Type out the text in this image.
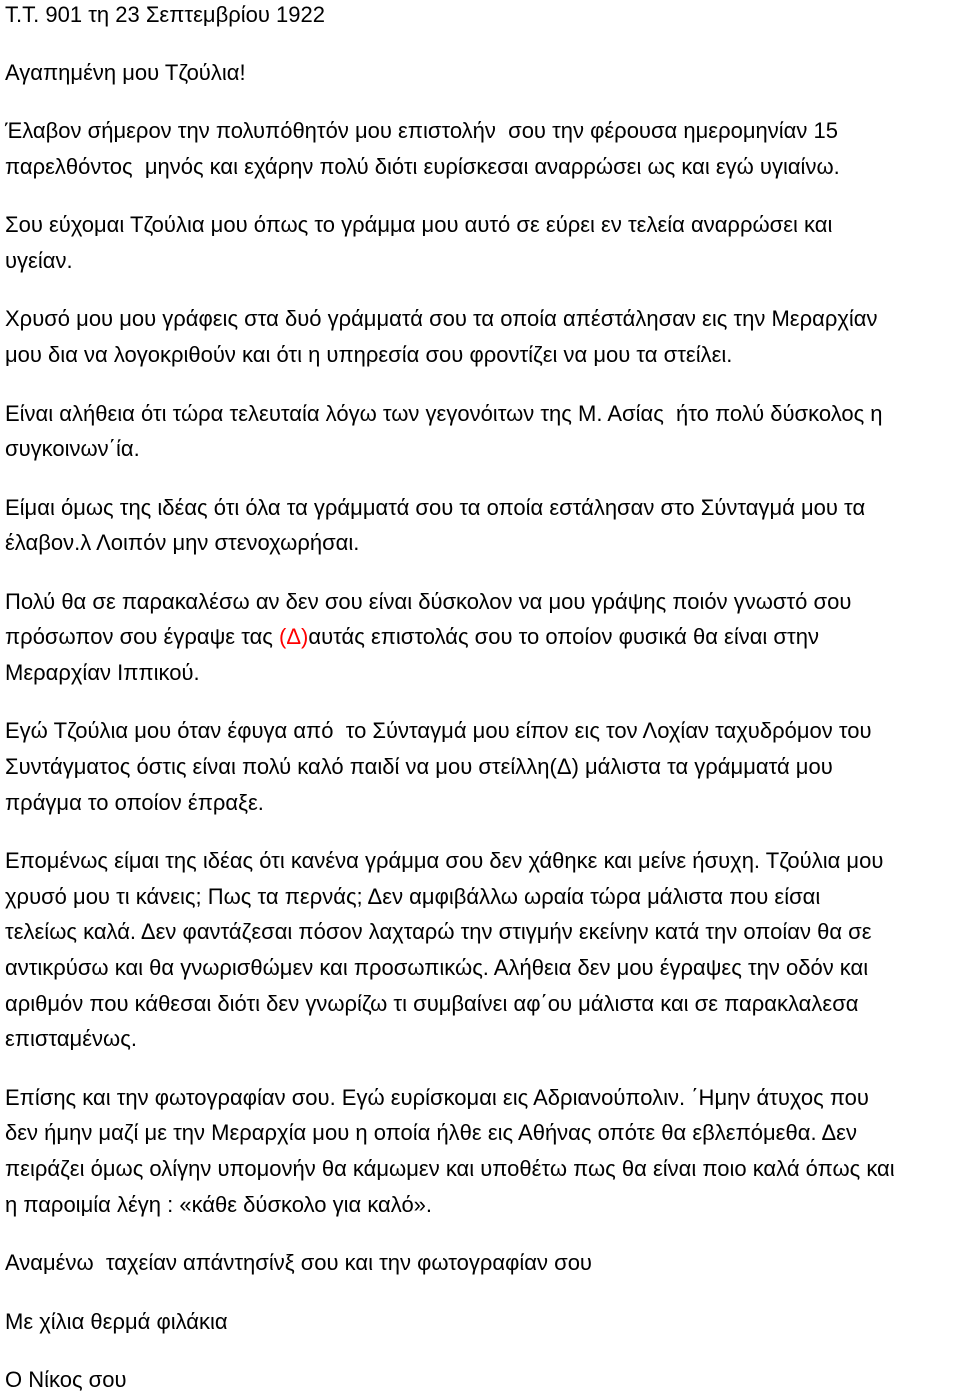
Τ.Τ. 901 τη 23 Σεπτεμβρίου 1922
Αγαπημένη μου Τζούλια!
Έλαβον σήμερον την πολυπόθητόν μου επιστολήν  σου την φέρουσα ημερομηνίαν 15
παρελθόντος  μηνός και εχάρην πολύ διότι ευρίσκεσαι αναρρώσει ως και εγώ υγιαίνω.
Σου εύχομαι Τζούλια μου όπως το γράμμα μου αυτό σε εύρει εν τελεία αναρρώσει και
υγείαν.
Χρυσό μου μου γράφεις στα δυό γράμματά σου τα οποία απέστάλησαν εις την Μεραρχίαν
μου δια να λογοκριθούν και ότι η υπηρεσία σου φροντίζει να μου τα στείλει.
Είναι αλήθεια ότι τώρα τελευταία λόγω των γεγονόιτων της Μ. Ασίας  ήτο πολύ δύσκολος η
συγκοινων΄ία.
Είμαι όμως της ιδέας ότι όλα τα γράμματά σου τα οποία εστάλησαν στο Σύνταγμά μου τα
έλαβον.λ Λοιπόν μην στενοχωρήσαι.
Πολύ θα σε παρακαλέσω αν δεν σου είναι δύσκολον να μου γράψης ποιόν γνωστό σου
πρόσωπον σου έγραψε τας (Δ)αυτάς επιστολάς σου το οποίον φυσικά θα είναι στην
Μεραρχίαν Ιππικού.
Εγώ Τζούλια μου όταν έφυγα από  το Σύνταγμά μου είπον εις τον Λοχίαν ταχυδρόμον του
Συντάγματος όστις είναι πολύ καλό παιδί να μου στείλλη(Δ) μάλιστα τα γράμματά μου
πράγμα το οποίον έπραξε.
Επομένως είμαι της ιδέας ότι κανένα γράμμα σου δεν χάθηκε και μείνε ήσυχη. Τζούλια μου
χρυσό μου τι κάνεις; Πως τα περνάς; Δεν αμφιβάλλω ωραία τώρα μάλιστα που είσαι
τελείως καλά. Δεν φαντάζεσαι πόσον λαχταρώ την στιγμήν εκείνην κατά την οποίαν θα σε
αντικρύσω και θα γνωρισθώμεν και προσωπικώς. Αλήθεια δεν μου έγραψες την οδόν και
αριθμόν που κάθεσαι διότι δεν γνωρίζω τι συμβαίνει αφ΄ου μάλιστα και σε παρακλαλεσα
επισταμένως.
Επίσης και την φωτογραφίαν σου. Εγώ ευρίσκομαι εις Αδριανούπολιν. ΄Ημην άτυχος που
δεν ήμην μαζί με την Μεραρχία μου η οποία ήλθε εις Αθήνας οπότε θα εβλεπόμεθα. Δεν
πειράζει όμως ολίγην υπομονήν θα κάμωμεν και υποθέτω πως θα είναι ποιο καλά όπως και
η παροιμία λέγη : «κάθε δύσκολο για καλό».
Αναμένω  ταχείαν απάντησίνξ σου και την φωτογραφίαν σου
Με χίλια θερμά φιλάκια
Ο Νίκος σου
